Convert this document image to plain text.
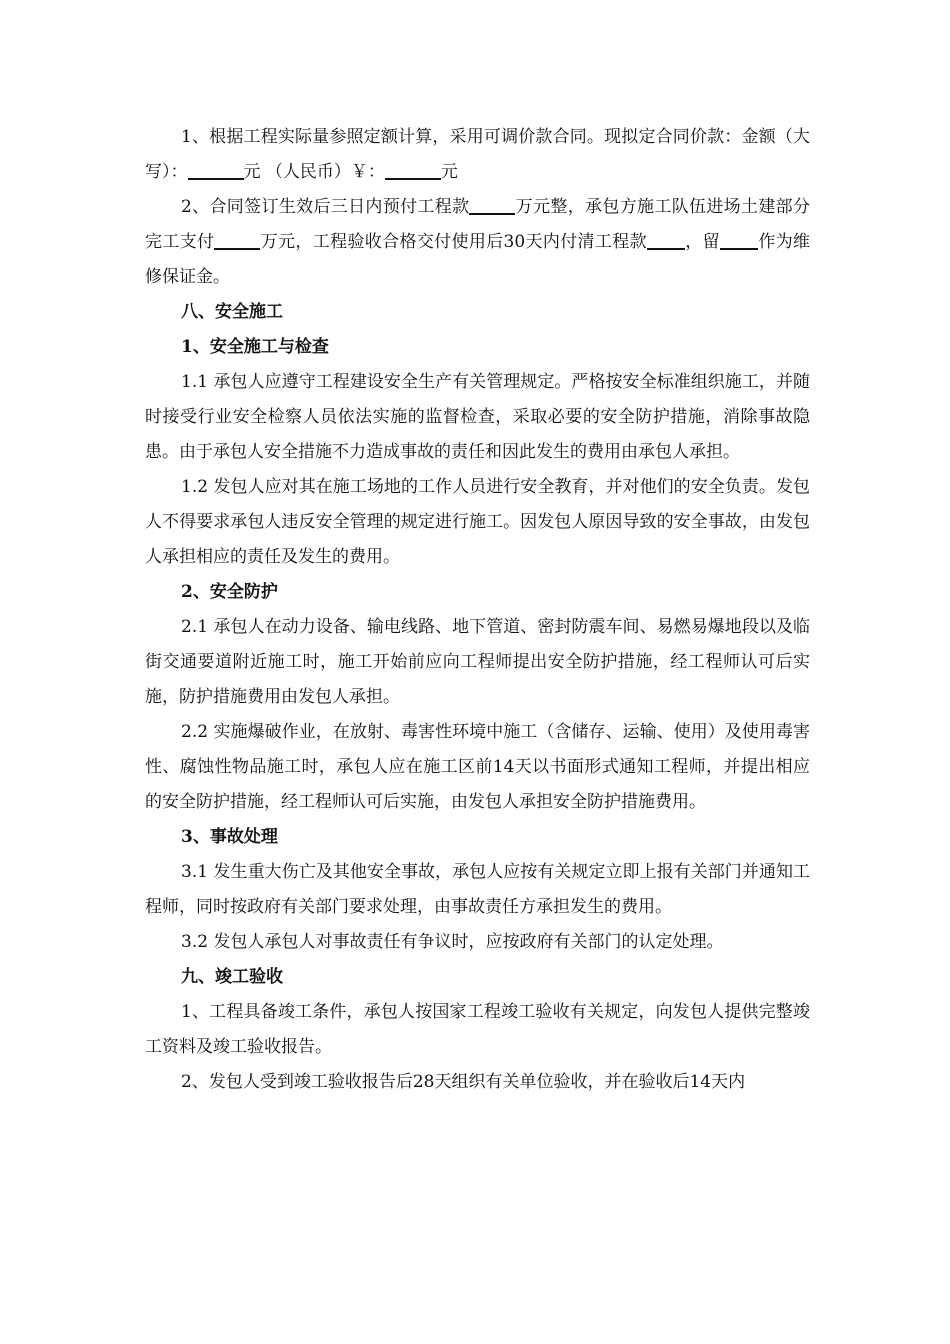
1、根据工程实际量参照定额计算，采用可调价款合同。现拟定合同价款：金额（大写）：	元 （人民币）￥：	元

2、合同签订生效后三日内预付工程款	万元整，承包方施工队伍进场土建部分完工支付	万元，工程验收合格交付使用后30天内付清工程款 ，留 作为维修保证金。

八、安全施工

1、安全施工与检查

1.1 承包人应遵守工程建设安全生产有关管理规定。严格按安全标准组织施工，并随时接受行业安全检察人员依法实施的监督检查，采取必要的安全防护措施，消除事故隐患。由于承包人安全措施不力造成事故的责任和因此发生的费用由承包人承担。

1.2 发包人应对其在施工场地的工作人员进行安全教育，并对他们的安全负责。发包人不得要求承包人违反安全管理的规定进行施工。因发包人原因导致的安全事故，由发包人承担相应的责任及发生的费用。

2、安全防护

2.1 承包人在动力设备、输电线路、地下管道、密封防震车间、易燃易爆地段以及临街交通要道附近施工时，施工开始前应向工程师提出安全防护措施，经工程师认可后实施，防护措施费用由发包人承担。

2.2 实施爆破作业，在放射、毒害性环境中施工（含储存、运输、使用）及使用毒害性、腐蚀性物品施工时，承包人应在施工区前14天以书面形式通知工程师，并提出相应的安全防护措施，经工程师认可后实施，由发包人承担安全防护措施费用。

3、事故处理

3.1 发生重大伤亡及其他安全事故，承包人应按有关规定立即上报有关部门并通知工程师，同时按政府有关部门要求处理，由事故责任方承担发生的费用。

3.2 发包人承包人对事故责任有争议时，应按政府有关部门的认定处理。

九、竣工验收

1、工程具备竣工条件，承包人按国家工程竣工验收有关规定，向发包人提供完整竣工资料及竣工验收报告。

2、发包人受到竣工验收报告后28天组织有关单位验收，并在验收后14天内
